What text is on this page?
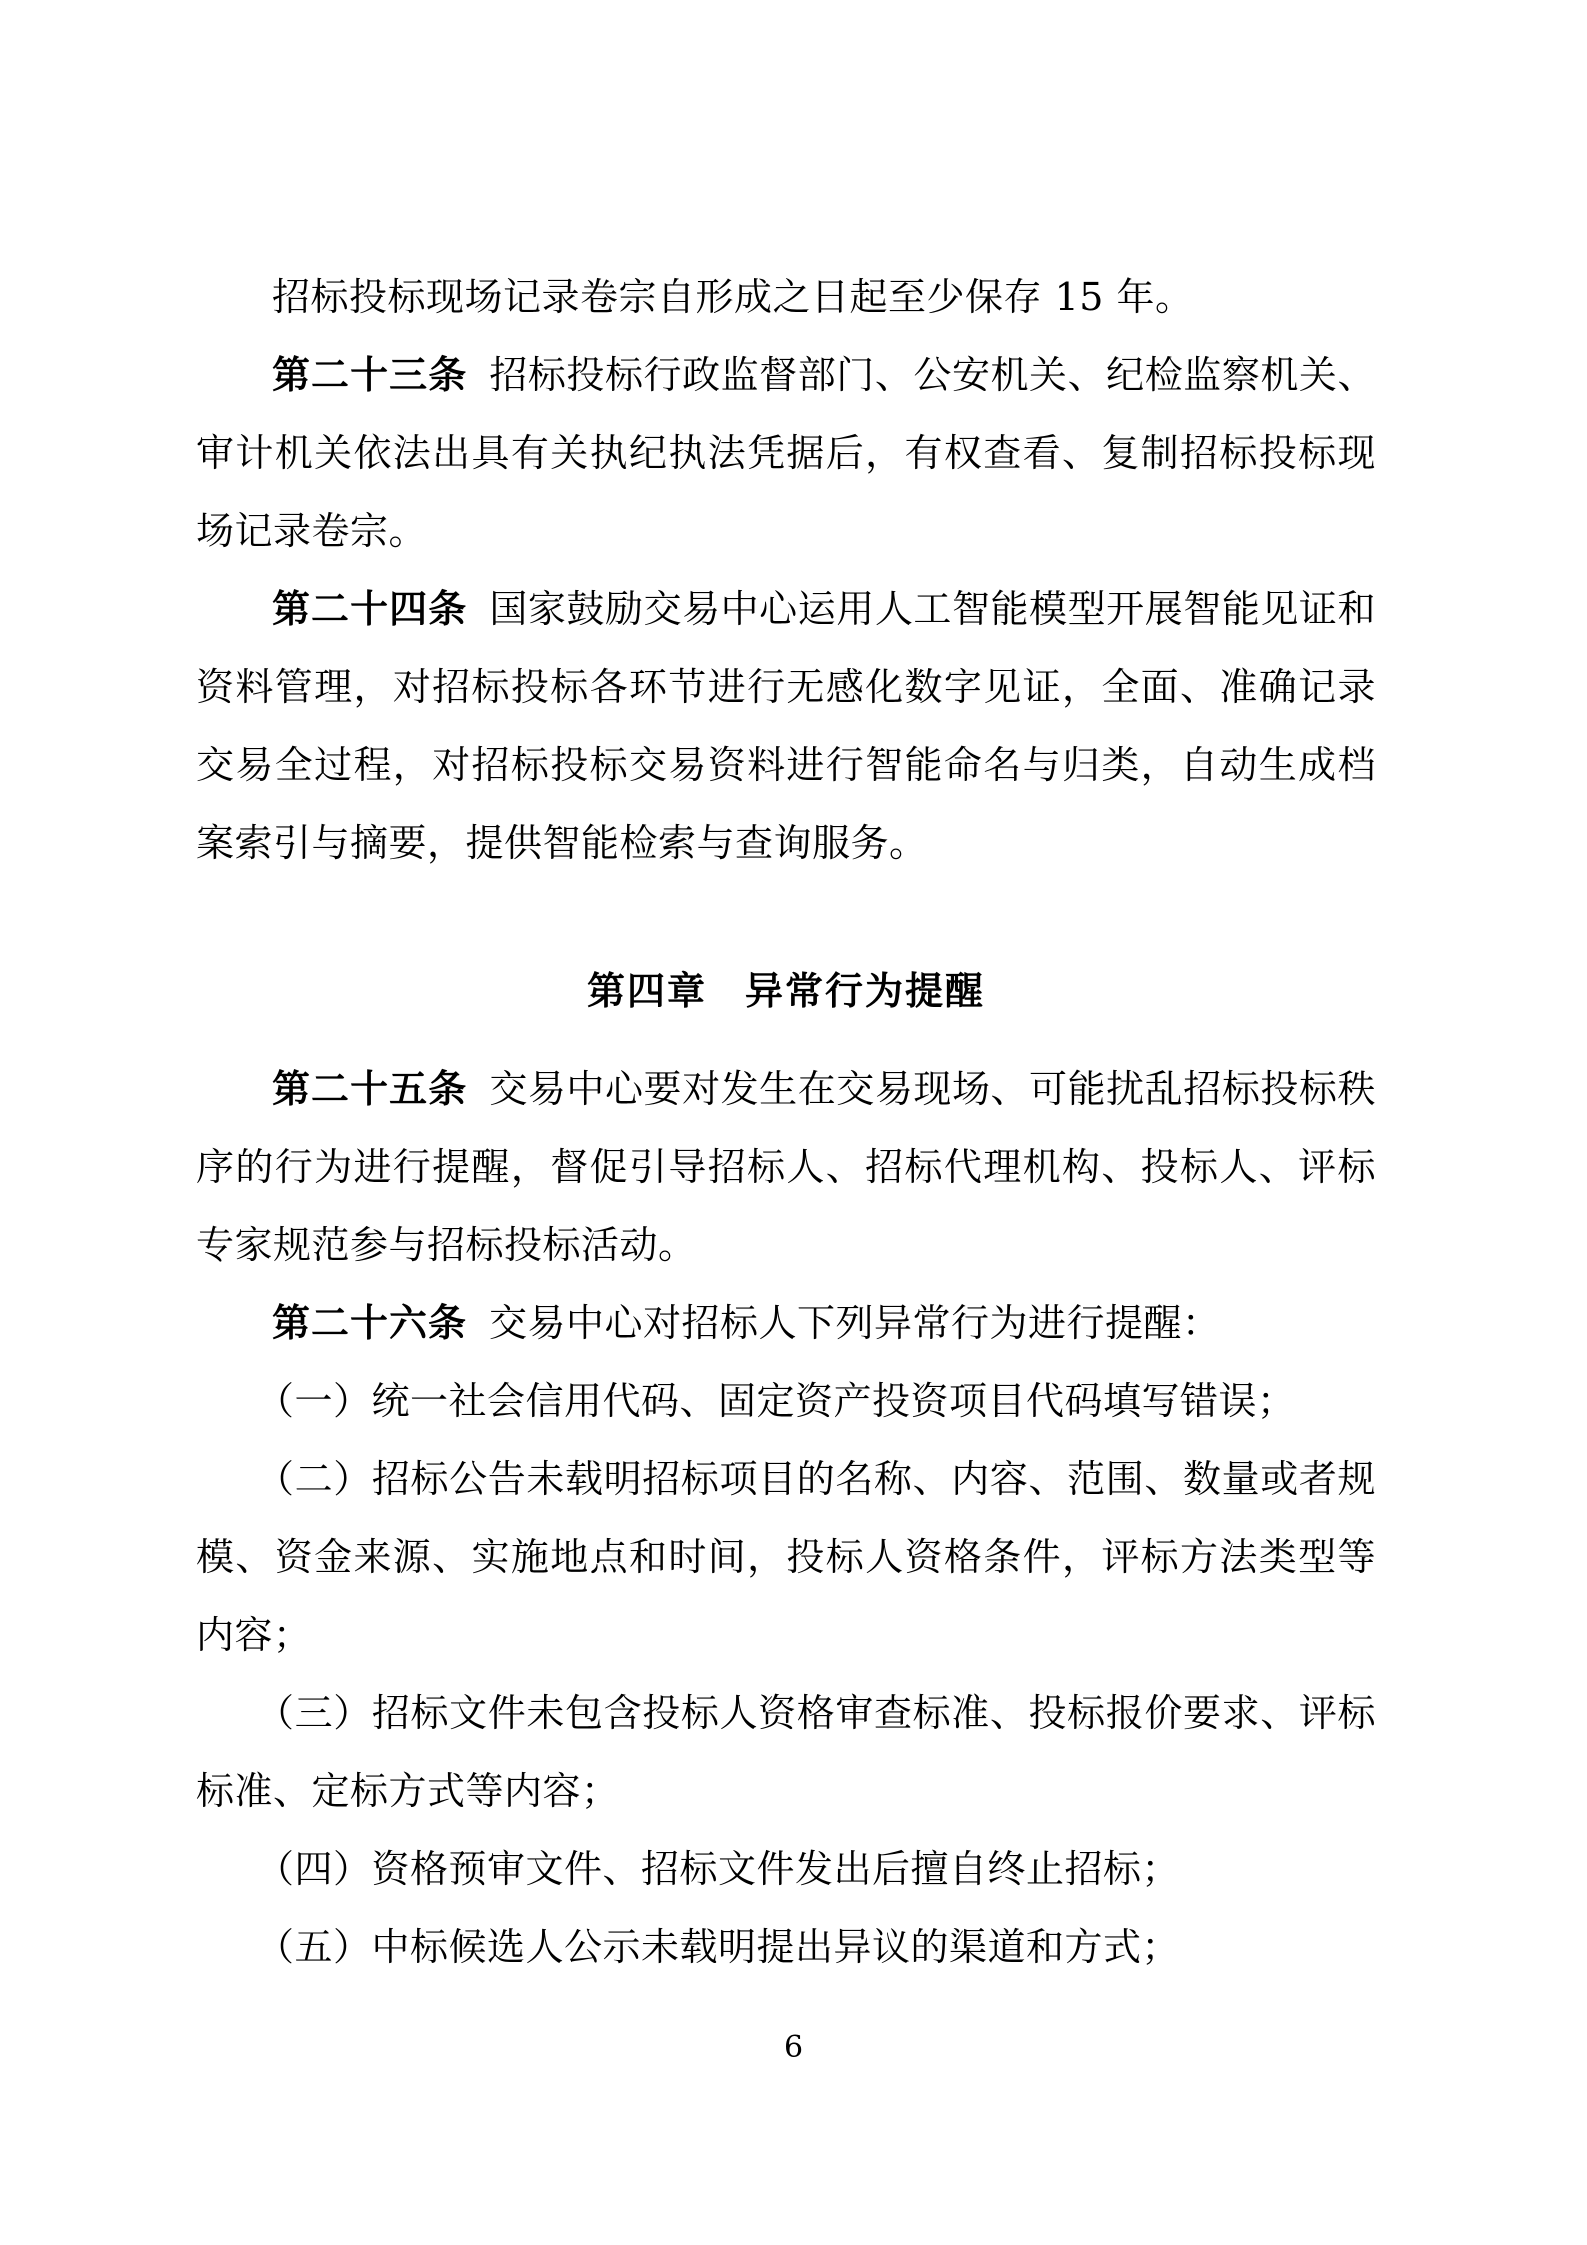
招标投标现场记录卷宗自形成之日起至少保存 15 年。

第二十三条 招标投标行政监督部门、公安机关、纪检监察机关、审计机关依法出具有关执纪执法凭据后，有权查看、复制招标投标现场记录卷宗。

第二十四条 国家鼓励交易中心运用人工智能模型开展智能见证和资料管理，对招标投标各环节进行无感化数字见证，全面、准确记录交易全过程，对招标投标交易资料进行智能命名与归类，自动生成档案索引与摘要，提供智能检索与查询服务。

第四章 异常行为提醒

第二十五条 交易中心要对发生在交易现场、可能扰乱招标投标秩序的行为进行提醒，督促引导招标人、招标代理机构、投标人、评标专家规范参与招标投标活动。

第二十六条 交易中心对招标人下列异常行为进行提醒：

（一）统一社会信用代码、固定资产投资项目代码填写错误；

（二）招标公告未载明招标项目的名称、内容、范围、数量或者规模、资金来源、实施地点和时间，投标人资格条件，评标方法类型等内容；

（三）招标文件未包含投标人资格审查标准、投标报价要求、评标标准、定标方式等内容；

（四）资格预审文件、招标文件发出后擅自终止招标；

（五）中标候选人公示未载明提出异议的渠道和方式；

6
